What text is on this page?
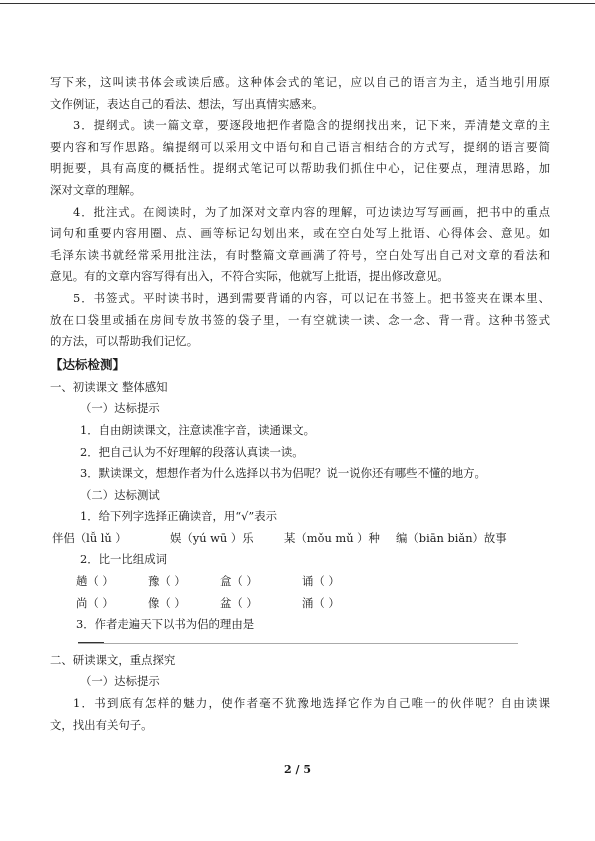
写下来，这叫读书体会或读后感。这种体会式的笔记，应以自己的语言为主，适当地引用原
文作例证，表达自己的看法、想法，写出真情实感来。
3．提纲式。读一篇文章，要逐段地把作者隐含的提纲找出来，记下来，弄清楚文章的主
要内容和写作思路。编提纲可以采用文中语句和自己语言相结合的方式写，提纲的语言要简
明扼要，具有高度的概括性。提纲式笔记可以帮助我们抓住中心，记住要点，理清思路，加
深对文章的理解。
4．批注式。在阅读时，为了加深对文章内容的理解，可边读边写写画画，把书中的重点
词句和重要内容用圈、点、画等标记勾划出来，或在空白处写上批语、心得体会、意见。如
毛泽东读书就经常采用批注法，有时整篇文章画满了符号，空白处写出自己对文章的看法和
意见。有的文章内容写得有出入，不符合实际，他就写上批语，提出修改意见。
5．书签式。平时读书时，遇到需要背诵的内容，可以记在书签上。把书签夹在课本里、
放在口袋里或插在房间专放书签的袋子里，一有空就读一读、念一念、背一背。这种书签式
的方法，可以帮助我们记忆。
【达标检测】
一、初读课文 整体感知
（一）达标提示
1．自由朗读课文，注意读准字音，读通课文。
2．把自己认为不好理解的段落认真读一读。
3．默读课文，想想作者为什么选择以书为侣呢？说一说你还有哪些不懂的地方。
（二）达标测试
1．给下列字选择正确读音，用“√”表示
伴侣（lǚ lǔ ）	娱（yú wū ）乐	某（mǒu mǔ ）种 编（biān biǎn）故事
2．比一比组成词
趟（ ）	豫（ ）	盒（ ）	诵（ ）
尚（ ）	像（ ）	盆（ ）	涌（ ）
3．作者走遍天下以书为侣的理由是
二、研读课文，重点探究
（一）达标提示
1．书到底有怎样的魅力，使作者毫不犹豫地选择它作为自己唯一的伙伴呢？自由读课
文，找出有关句子。
2 / 5
